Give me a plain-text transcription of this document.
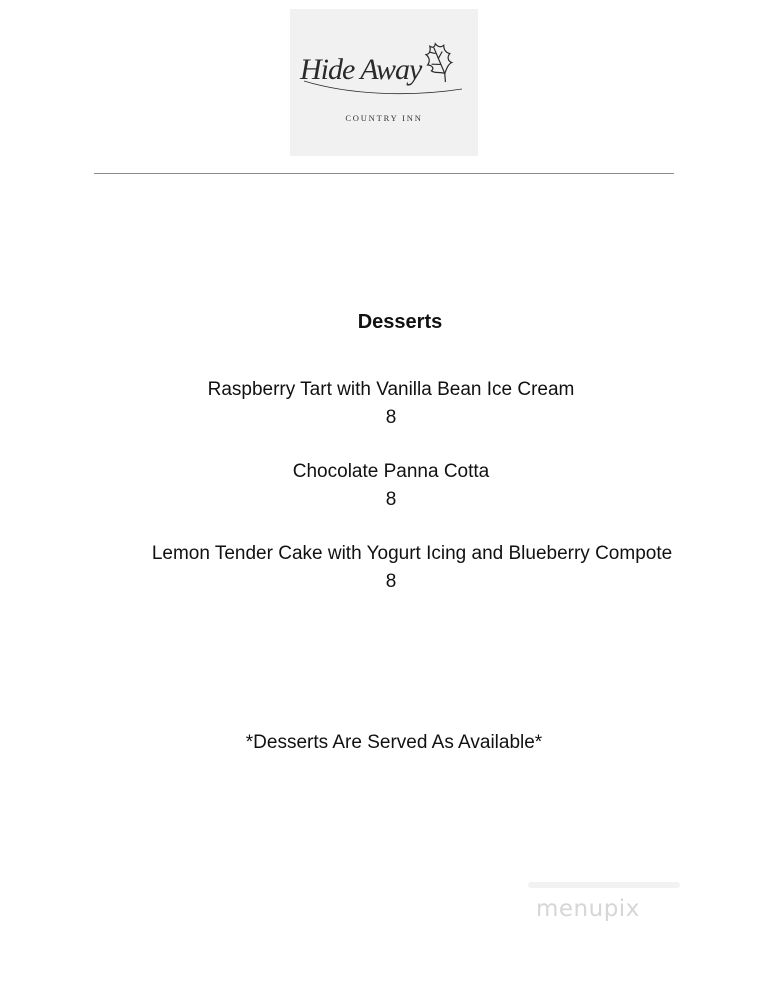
Hide Away
COUNTRY INN
Desserts
Raspberry Tart with Vanilla Bean Ice Cream
8
Chocolate Panna Cotta
8
Lemon Tender Cake with Yogurt Icing and Blueberry Compote
8
*Desserts Are Served As Available*
menupix
